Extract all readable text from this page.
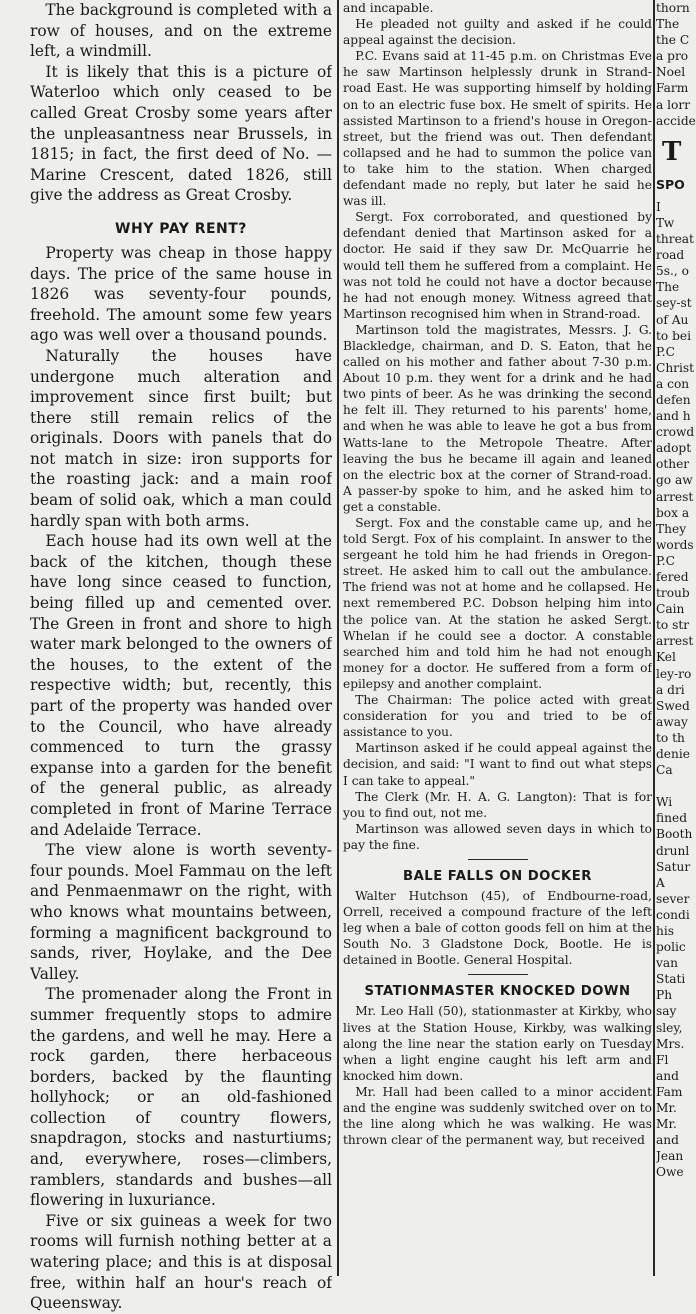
The background is completed with a row of houses, and on the extreme left, a windmill.

It is likely that this is a picture of Waterloo which only ceased to be called Great Crosby some years after the unpleasantness near Brussels, in 1815; in fact, the first deed of No. — Marine Crescent, dated 1826, still give the address as Great Crosby.

WHY PAY RENT?

Property was cheap in those happy days. The price of the same house in 1826 was seventy-four pounds, freehold. The amount some few years ago was well over a thousand pounds.

Naturally the houses have undergone much alteration and improvement since first built; but there still remain relics of the originals. Doors with panels that do not match in size: iron supports for the roasting jack: and a main roof beam of solid oak, which a man could hardly span with both arms.

Each house had its own well at the back of the kitchen, though these have long since ceased to function, being filled up and cemented over. The Green in front and shore to high water mark belonged to the owners of the houses, to the extent of the respective width; but, recently, this part of the property was handed over to the Council, who have already commenced to turn the grassy expanse into a garden for the benefit of the general public, as already completed in front of Marine Terrace and Adelaide Terrace.

The view alone is worth seventy-four pounds. Moel Fammau on the left and Penmaenmawr on the right, with who knows what mountains between, forming a magnificent background to sands, river, Hoylake, and the Dee Valley.

The promenader along the Front in summer frequently stops to admire the gardens, and well he may. Here a rock garden, there herbaceous borders, backed by the flaunting hollyhock; or an old-fashioned collection of country flowers, snapdragon, stocks and nasturtiums; and, everywhere, roses—climbers, ramblers, standards and bushes—all flowering in luxuriance.

Five or six guineas a week for two rooms will furnish nothing better at a watering place; and this is at disposal free, within half an hour's reach of Queensway.

and incapable.

He pleaded not guilty and asked if he could appeal against the decision.

P.C. Evans said at 11-45 p.m. on Christmas Eve he saw Martinson helplessly drunk in Strand-road East. He was supporting himself by holding on to an electric fuse box. He smelt of spirits. He assisted Martinson to a friend's house in Oregon-street, but the friend was out. Then defendant collapsed and he had to summon the police van to take him to the station. When charged defendant made no reply, but later he said he was ill.

Sergt. Fox corroborated, and questioned by defendant denied that Martinson asked for a doctor. He said if they saw Dr. McQuarrie he would tell them he suffered from a complaint. He was not told he could not have a doctor because he had not enough money. Witness agreed that Martinson recognised him when in Strand-road.

Martinson told the magistrates, Messrs. J. G. Blackledge, chairman, and D. S. Eaton, that he called on his mother and father about 7-30 p.m. About 10 p.m. they went for a drink and he had two pints of beer. As he was drinking the second he felt ill. They returned to his parents' home, and when he was able to leave he got a bus from Watts-lane to the Metropole Theatre. After leaving the bus he became ill again and leaned on the electric box at the corner of Strand-road. A passer-by spoke to him, and he asked him to get a constable.

Sergt. Fox and the constable came up, and he told Sergt. Fox of his complaint. In answer to the sergeant he told him he had friends in Oregon-street. He asked him to call out the ambulance. The friend was not at home and he collapsed. He next remembered P.C. Dobson helping him into the police van. At the station he asked Sergt. Whelan if he could see a doctor. A constable searched him and told him he had not enough money for a doctor. He suffered from a form of epilepsy and another complaint.

The Chairman: The police acted with great consideration for you and tried to be of assistance to you.

Martinson asked if he could appeal against the decision, and said: "I want to find out what steps I can take to appeal."

The Clerk (Mr. H. A. G. Langton): That is for you to find out, not me.

Martinson was allowed seven days in which to pay the fine.

BALE FALLS ON DOCKER

Walter Hutchson (45), of Endbourne-road, Orrell, received a compound fracture of the left leg when a bale of cotton goods fell on him at the South No. 3 Gladstone Dock, Bootle. He is detained in Bootle. General Hospital.

STATIONMASTER KNOCKED DOWN

Mr. Leo Hall (50), stationmaster at Kirkby, who lives at the Station House, Kirkby, was walking along the line near the station early on Tuesday when a light engine caught his left arm and knocked him down.

Mr. Hall had been called to a minor accident and the engine was suddenly switched over on to the line along which he was walking. He was thrown clear of the permanent way, but received

thorn
The
the C
a pro
Noel
Farm
a lorr
accide
T
SPO
I
Tw
threat
road
5s., o
The
sey-st
of Au
to bei
P.C
Christ
a con
defen
and h
crowd
adopt
other
go aw
arrest
box a
They
words
P.C
fered
troub
Cain
to str
arrest
Kel
ley-ro
a dri
Swed
away
to th
denie
Ca
Wi
fined
Booth
drunl
Satur
A
sever
condi
his
polic
van
Stati
Ph
say
sley,
Mrs.
Fl
and
Fam
Mr.
Mr.
and
Jean
Owe
